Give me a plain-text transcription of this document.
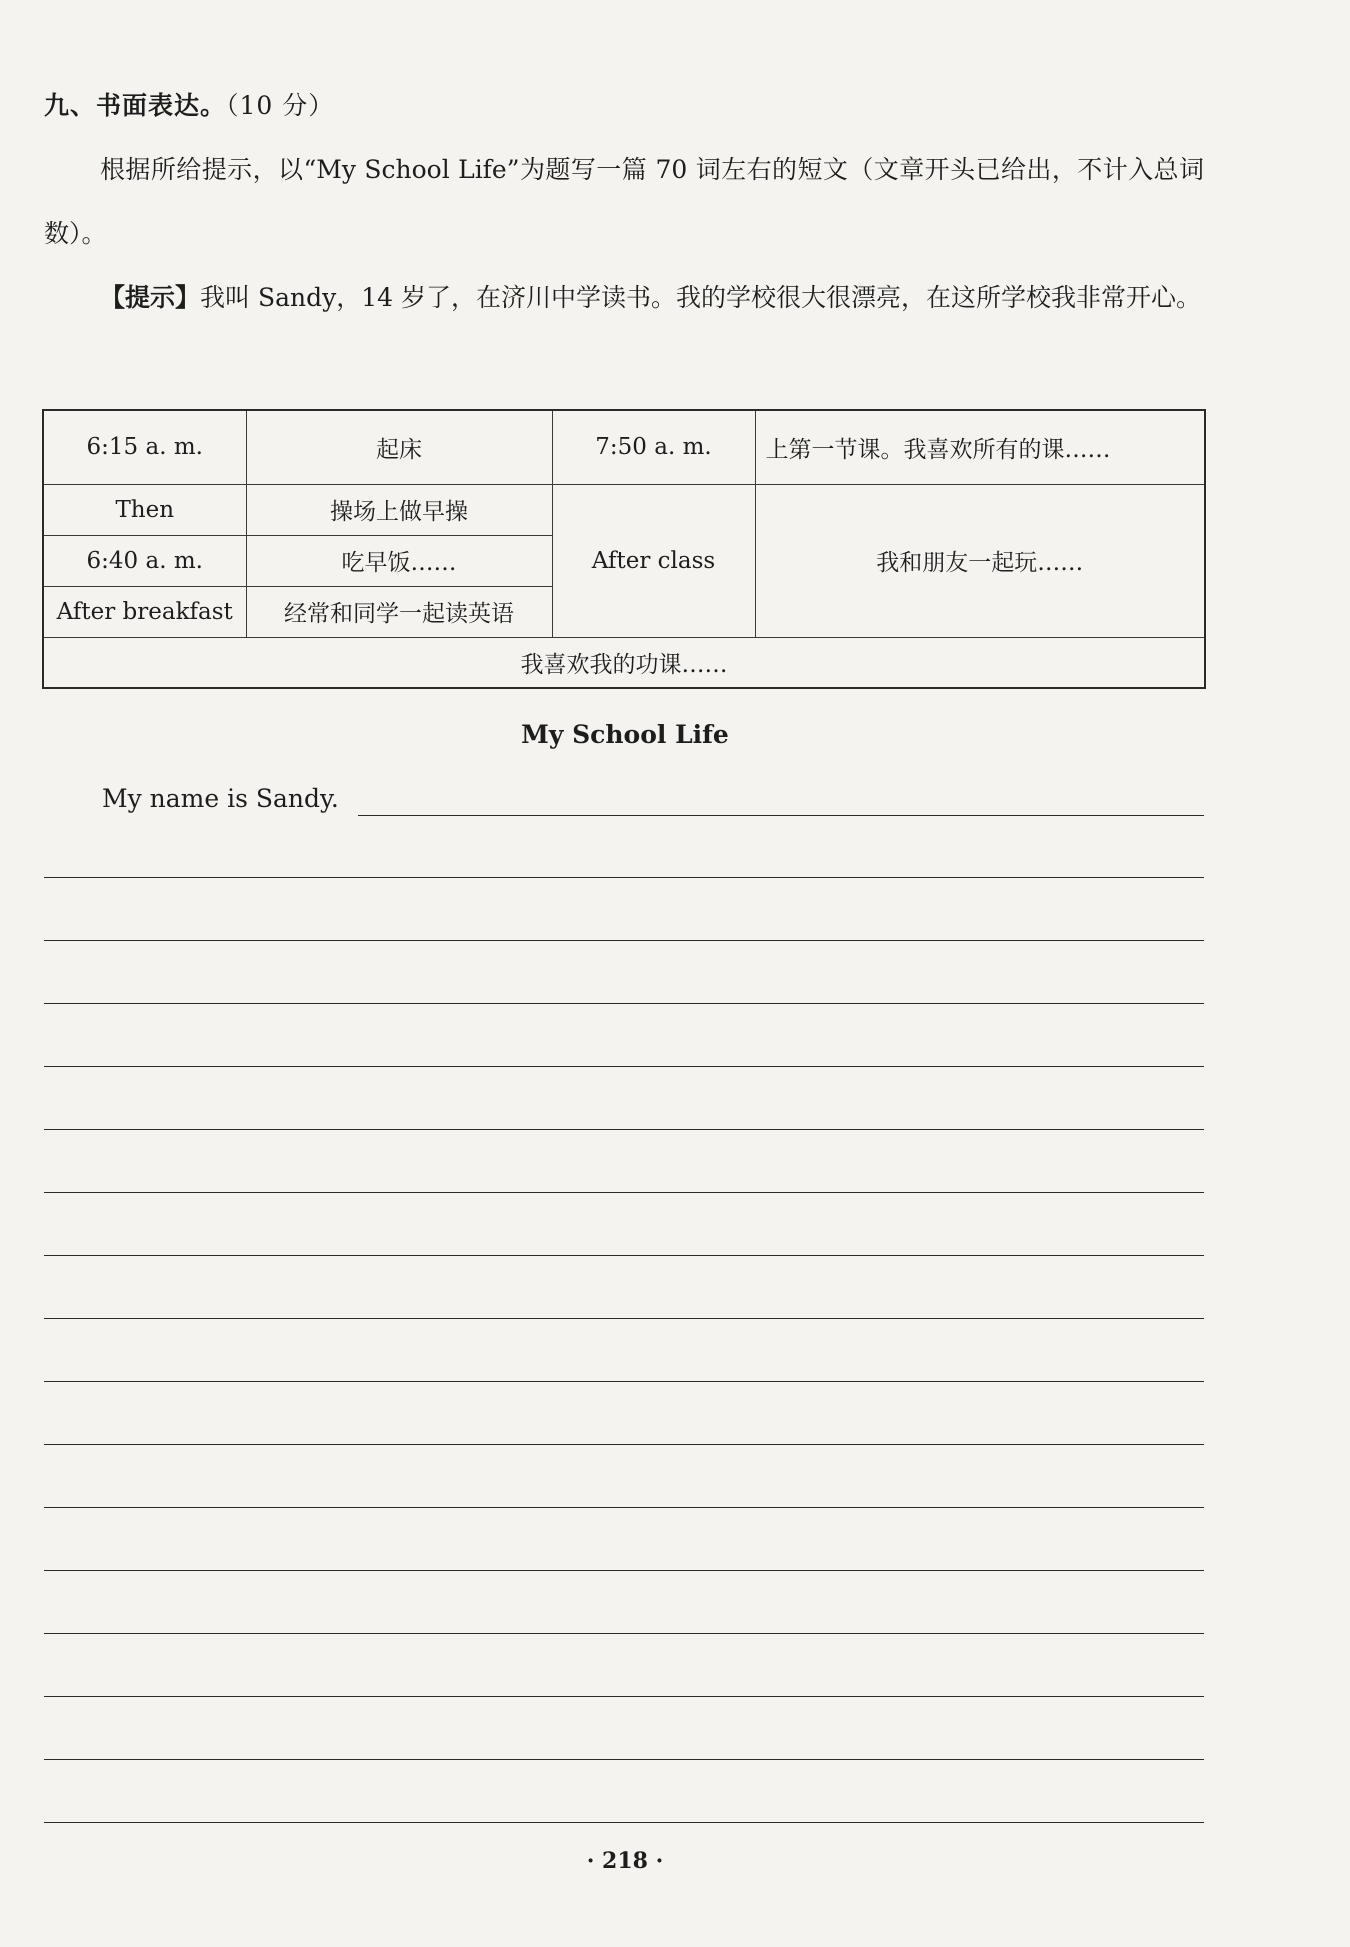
九、书面表达。（10 分）
根据所给提示，以“My School Life”为题写一篇 70 词左右的短文（文章开头已给出，不计入总词数）。
【提示】我叫 Sandy，14 岁了，在济川中学读书。我的学校很大很漂亮，在这所学校我非常开心。
6:15 a. m.	起床	7:50 a. m.	上第一节课。我喜欢所有的课……
Then	操场上做早操	After class	我和朋友一起玩……
6:40 a. m.	吃早饭……		
After breakfast	经常和同学一起读英语		
我喜欢我的功课……			
My School Life
My name is Sandy.
· 218 ·
